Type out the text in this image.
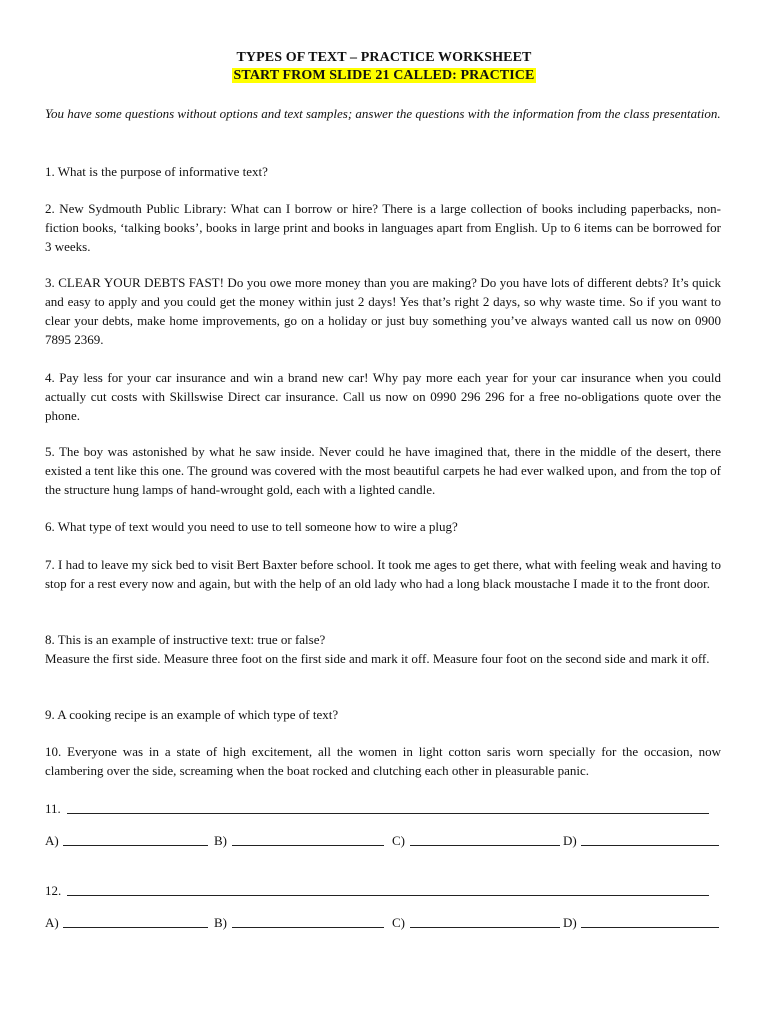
TYPES OF TEXT – PRACTICE WORKSHEET
START FROM SLIDE 21 CALLED: PRACTICE

You have some questions without options and text samples; answer the questions with the information from the class presentation.

1. What is the purpose of informative text?

2. New Sydmouth Public Library: What can I borrow or hire? There is a large collection of books including paperbacks, non-fiction books, ‘talking books’, books in large print and books in languages apart from English. Up to 6 items can be borrowed for 3 weeks.

3. CLEAR YOUR DEBTS FAST! Do you owe more money than you are making? Do you have lots of different debts? It’s quick and easy to apply and you could get the money within just 2 days! Yes that’s right 2 days, so why waste time. So if you want to clear your debts, make home improvements, go on a holiday or just buy something you’ve always wanted call us now on 0900 7895 2369.

4. Pay less for your car insurance and win a brand new car! Why pay more each year for your car insurance when you could actually cut costs with Skillswise Direct car insurance. Call us now on 0990 296 296 for a free no-obligations quote over the phone.

5. The boy was astonished by what he saw inside. Never could he have imagined that, there in the middle of the desert, there existed a tent like this one. The ground was covered with the most beautiful carpets he had ever walked upon, and from the top of the structure hung lamps of hand-wrought gold, each with a lighted candle.

6. What type of text would you need to use to tell someone how to wire a plug?

7. I had to leave my sick bed to visit Bert Baxter before school. It took me ages to get there, what with feeling weak and having to stop for a rest every now and again, but with the help of an old lady who had a long black moustache I made it to the front door.

8. This is an example of instructive text: true or false?

Measure the first side. Measure three foot on the first side and mark it off. Measure four foot on the second side and mark it off.

9. A cooking recipe is an example of which type of text?

10. Everyone was in a state of high excitement, all the women in light cotton saris worn specially for the occasion, now clambering over the side, screaming when the boat rocked and clutching each other in pleasurable panic.

11.
A)	B)	C)	D)
12.
A)	B)	C)	D)
